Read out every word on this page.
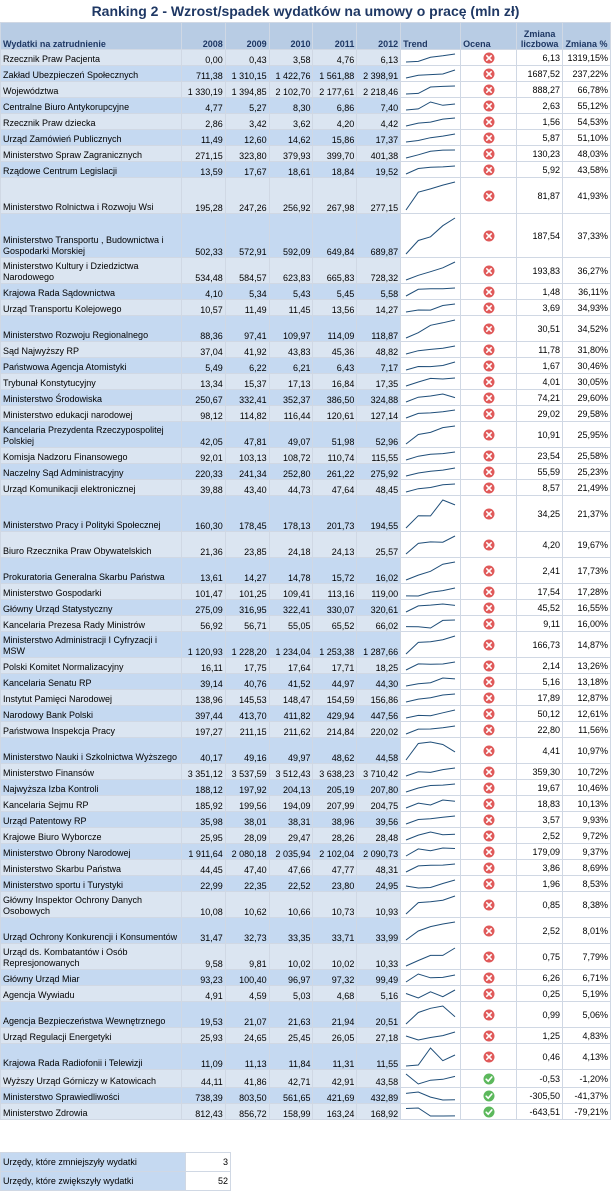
Ranking 2 - Wzrost/spadek wydatków na umowy o pracę (mln zł)
Wydatki na zatrudnienie	2008	2009	2010	2011	2012	Trend	Ocena	Zmiana
liczbowa	Zmiana %
Rzecznik Praw Pacjenta	0,00	0,43	3,58	4,76	6,13			6,13	1319,15%
Zakład Ubezpieczeń Społecznych	711,38	1 310,15	1 422,76	1 561,88	2 398,91			1687,52	237,22%
Województwa	1 330,19	1 394,85	2 102,70	2 177,61	2 218,46			888,27	66,78%
Centralne Biuro Antykorupcyjne	4,77	5,27	8,30	6,86	7,40			2,63	55,12%
Rzecznik Praw dziecka	2,86	3,42	3,62	4,20	4,42			1,56	54,53%
Urząd Zamówień Publicznych	11,49	12,60	14,62	15,86	17,37			5,87	51,10%
Ministerstwo Spraw Zagranicznych	271,15	323,80	379,93	399,70	401,38			130,23	48,03%
Rządowe Centrum Legislacji	13,59	17,67	18,61	18,84	19,52			5,92	43,58%
Ministerstwo Rolnictwa i Rozwoju Wsi	195,28	247,26	256,92	267,98	277,15			81,87	41,93%
Ministerstwo Transportu , Budownictwa i Gospodarki Morskiej	502,33	572,91	592,09	649,84	689,87			187,54	37,33%
Ministerstwo Kultury i Dziedzictwa Narodowego	534,48	584,57	623,83	665,83	728,32			193,83	36,27%
Krajowa Rada Sądownictwa	4,10	5,34	5,43	5,45	5,58			1,48	36,11%
Urząd Transportu Kolejowego	10,57	11,49	11,45	13,56	14,27			3,69	34,93%
Ministerstwo Rozwoju Regionalnego	88,36	97,41	109,97	114,09	118,87			30,51	34,52%
Sąd Najwyższy RP	37,04	41,92	43,83	45,36	48,82			11,78	31,80%
Państwowa Agencja Atomistyki	5,49	6,22	6,21	6,43	7,17			1,67	30,46%
Trybunał Konstytucyjny	13,34	15,37	17,13	16,84	17,35			4,01	30,05%
Ministerstwo Środowiska	250,67	332,41	352,37	386,50	324,88			74,21	29,60%
Ministerstwo edukacji narodowej	98,12	114,82	116,44	120,61	127,14			29,02	29,58%
Kancelaria Prezydenta Rzeczypospolitej Polskiej	42,05	47,81	49,07	51,98	52,96			10,91	25,95%
Komisja Nadzoru Finansowego	92,01	103,13	108,72	110,74	115,55			23,54	25,58%
Naczelny Sąd Administracyjny	220,33	241,34	252,80	261,22	275,92			55,59	25,23%
Urząd Komunikacji elektronicznej	39,88	43,40	44,73	47,64	48,45			8,57	21,49%
Ministerstwo Pracy i Polityki Społecznej	160,30	178,45	178,13	201,73	194,55			34,25	21,37%
Biuro Rzecznika Praw Obywatelskich	21,36	23,85	24,18	24,13	25,57			4,20	19,67%
Prokuratoria Generalna Skarbu Państwa	13,61	14,27	14,78	15,72	16,02			2,41	17,73%
Ministerstwo Gospodarki	101,47	101,25	109,41	113,16	119,00			17,54	17,28%
Główny Urząd Statystyczny	275,09	316,95	322,41	330,07	320,61			45,52	16,55%
Kancelaria Prezesa Rady Ministrów	56,92	56,71	55,05	65,52	66,02			9,11	16,00%
Ministerstwo Administracji I Cyfryzacji i MSW	1 120,93	1 228,20	1 234,04	1 253,38	1 287,66			166,73	14,87%
Polski Komitet Normalizacyjny	16,11	17,75	17,64	17,71	18,25			2,14	13,26%
Kancelaria Senatu RP	39,14	40,76	41,52	44,97	44,30			5,16	13,18%
Instytut Pamięci Narodowej	138,96	145,53	148,47	154,59	156,86			17,89	12,87%
Narodowy Bank Polski	397,44	413,70	411,82	429,94	447,56			50,12	12,61%
Państwowa Inspekcja Pracy	197,27	211,15	211,62	214,84	220,02			22,80	11,56%
Ministerstwo Nauki i Szkolnictwa Wyższego	40,17	49,16	49,97	48,62	44,58			4,41	10,97%
Ministerstwo Finansów	3 351,12	3 537,59	3 512,43	3 638,23	3 710,42			359,30	10,72%
Najwyższa Izba Kontroli	188,12	197,92	204,13	205,19	207,80			19,67	10,46%
Kancelaria Sejmu RP	185,92	199,56	194,09	207,99	204,75			18,83	10,13%
Urząd Patentowy RP	35,98	38,01	38,31	38,96	39,56			3,57	9,93%
Krajowe Biuro Wyborcze	25,95	28,09	29,47	28,26	28,48			2,52	9,72%
Ministerstwo Obrony Narodowej	1 911,64	2 080,18	2 035,94	2 102,04	2 090,73			179,09	9,37%
Ministerstwo Skarbu Państwa	44,45	47,40	47,66	47,77	48,31			3,86	8,69%
Ministerstwo sportu i Turystyki	22,99	22,35	22,52	23,80	24,95			1,96	8,53%
Główny Inspektor Ochrony Danych Osobowych	10,08	10,62	10,66	10,73	10,93			0,85	8,38%
Urząd Ochrony Konkurencji i Konsumentów	31,47	32,73	33,35	33,71	33,99			2,52	8,01%
Urząd ds. Kombatantów i Osób Represjonowanych	9,58	9,81	10,02	10,02	10,33			0,75	7,79%
Główny Urząd Miar	93,23	100,40	96,97	97,32	99,49			6,26	6,71%
Agencja Wywiadu	4,91	4,59	5,03	4,68	5,16			0,25	5,19%
Agencja Bezpieczeństwa Wewnętrznego	19,53	21,07	21,63	21,94	20,51			0,99	5,06%
Urząd Regulacji Energetyki	25,93	24,65	25,45	26,05	27,18			1,25	4,83%
Krajowa Rada Radiofonii i Telewizji	11,09	11,13	11,84	11,31	11,55			0,46	4,13%
Wyższy Urząd Górniczy w Katowicach	44,11	41,86	42,71	42,91	43,58			-0,53	-1,20%
Ministerstwo Sprawiedliwości	738,39	803,50	561,65	421,69	432,89			-305,50	-41,37%
Ministerstwo Zdrowia	812,43	856,72	158,99	163,24	168,92			-643,51	-79,21%
Urzędy, które zmniejszyły wydatki	3
Urzędy, które zwiększyły wydatki	52
